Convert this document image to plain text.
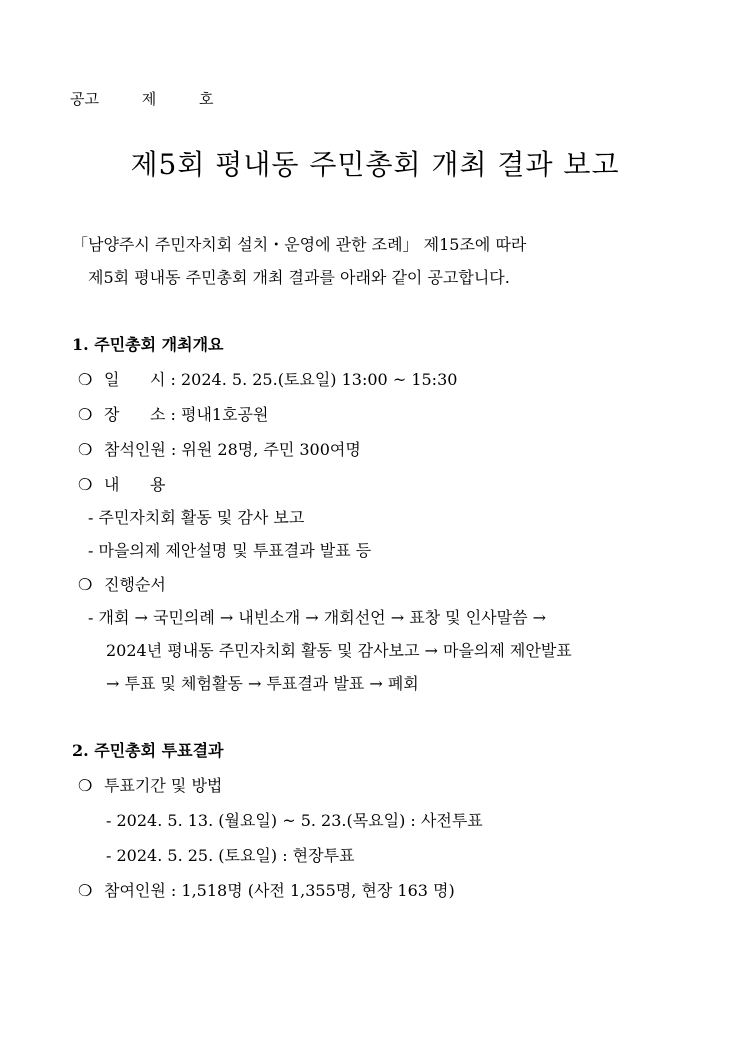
공고	제	호
제5회 평내동 주민총회 개최 결과 보고
「남양주시 주민자치회 설치・운영에 관한 조례」 제15조에 따라
제5회 평내동 주민총회 개최 결과를 아래와 같이 공고합니다.
1. 주민총회 개최개요
❍ 일      시 : 2024. 5. 25.(토요일) 13:00 ~ 15:30
❍ 장      소 : 평내1호공원
❍ 참석인원 : 위원 28명, 주민 300여명
❍ 내      용
- 주민자치회 활동 및 감사 보고
- 마을의제 제안설명 및 투표결과 발표 등
❍ 진행순서
- 개회 → 국민의례 → 내빈소개 → 개회선언 → 표창 및 인사말씀 →
2024년 평내동 주민자치회 활동 및 감사보고 → 마을의제 제안발표
→ 투표 및 체험활동 → 투표결과 발표 → 폐회
2. 주민총회 투표결과
❍ 투표기간 및 방법
- 2024. 5. 13. (월요일) ~ 5. 23.(목요일) : 사전투표
- 2024. 5. 25. (토요일) : 현장투표
❍ 참여인원 : 1,518명 (사전 1,355명, 현장 163 명)
